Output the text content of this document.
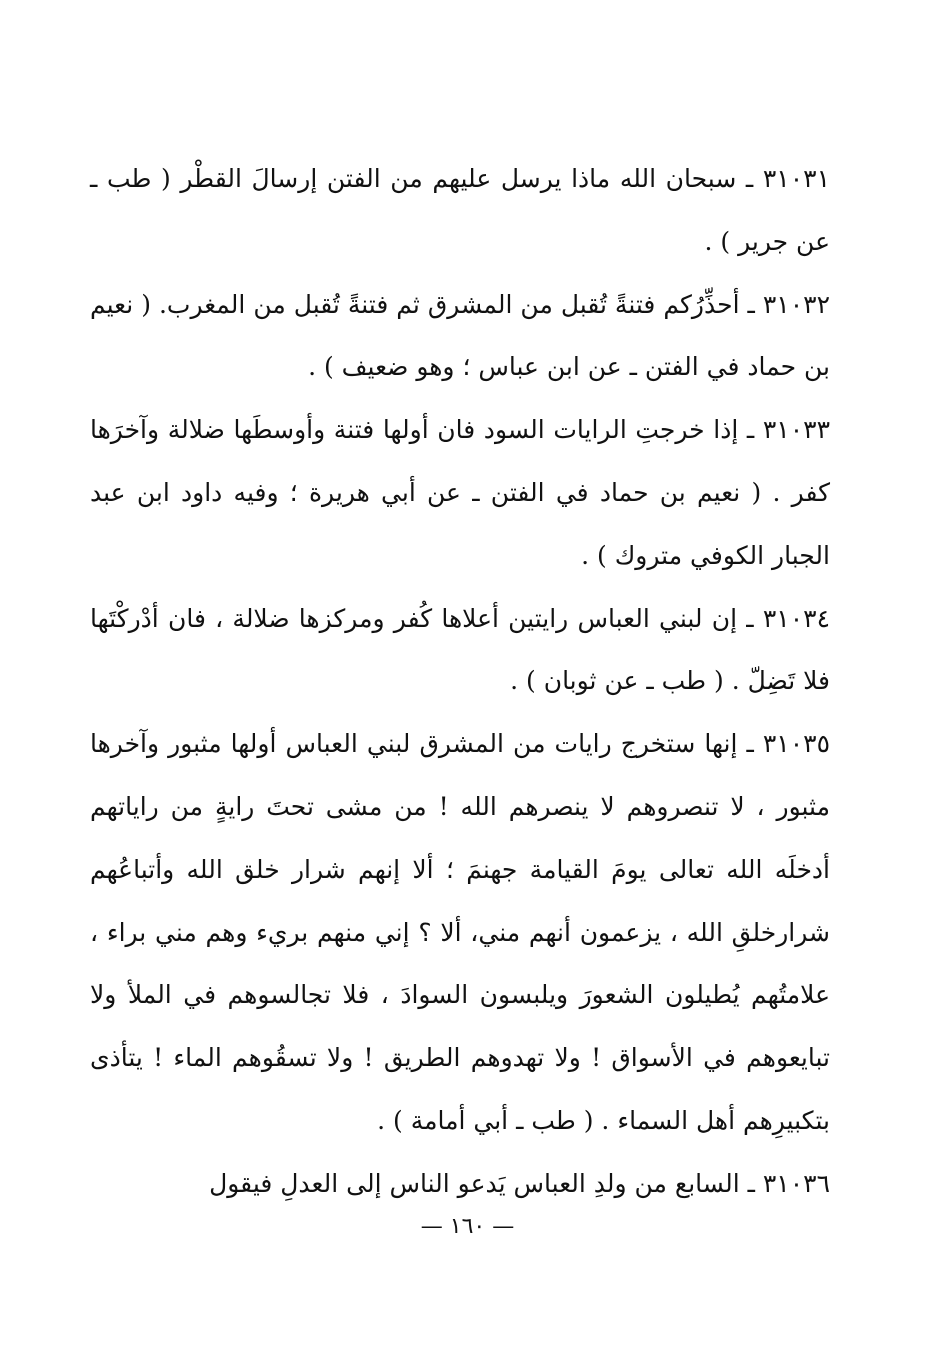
٣١٠٣١ ـ سبحان الله ماذا يرسل عليهم من الفتن إرسالَ القطْر ( طب ـ عن جرير ) .

٣١٠٣٢ ـ أحذِّرُكم فتنةً تُقبل من المشرق ثم فتنةً تُقبل من المغرب. ( نعيم بن حماد في الفتن ـ عن ابن عباس ؛ وهو ضعيف ) .

٣١٠٣٣ ـ إذا خرجتِ الرايات السود فان أولها فتنة وأوسطَها ضلالة وآخرَها كفر . ( نعيم بن حماد في الفتن ـ عن أبي هريرة ؛ وفيه داود ابن عبد الجبار الكوفي متروك ) .

٣١٠٣٤ ـ إن لبني العباس رايتين أعلاها كُفر ومركزها ضلالة ، فان أدْركْتَها فلا تَضِلّ . ( طب ـ عن ثوبان ) .

٣١٠٣٥ ـ إنها ستخرج رايات من المشرق لبني العباس أولها مثبور وآخرها مثبور ، لا تنصروهم لا ينصرهم الله ! من مشى تحتَ رايةٍ من راياتهم أدخلَه الله تعالى يومَ القيامة جهنمَ ؛ ألا إنهم شرار خلق الله وأتباعُهم شرارخلقِ الله ، يزعمون أنهم مني، ألا ؟ إني منهم بريء وهم مني براء ، علامتُهم يُطيلون الشعورَ ويلبسون السوادَ ، فلا تجالسوهم في الملأ ولا تبايعوهم في الأسواق ! ولا تهدوهم الطريق ! ولا تسقُوهم الماء ! يتأذى بتكبيرِهم أهل السماء . ( طب ـ أبي أمامة ) .

٣١٠٣٦ ـ السابع من ولدِ العباس يَدعو الناس إلى العدلِ فيقول

— ١٦٠ —
